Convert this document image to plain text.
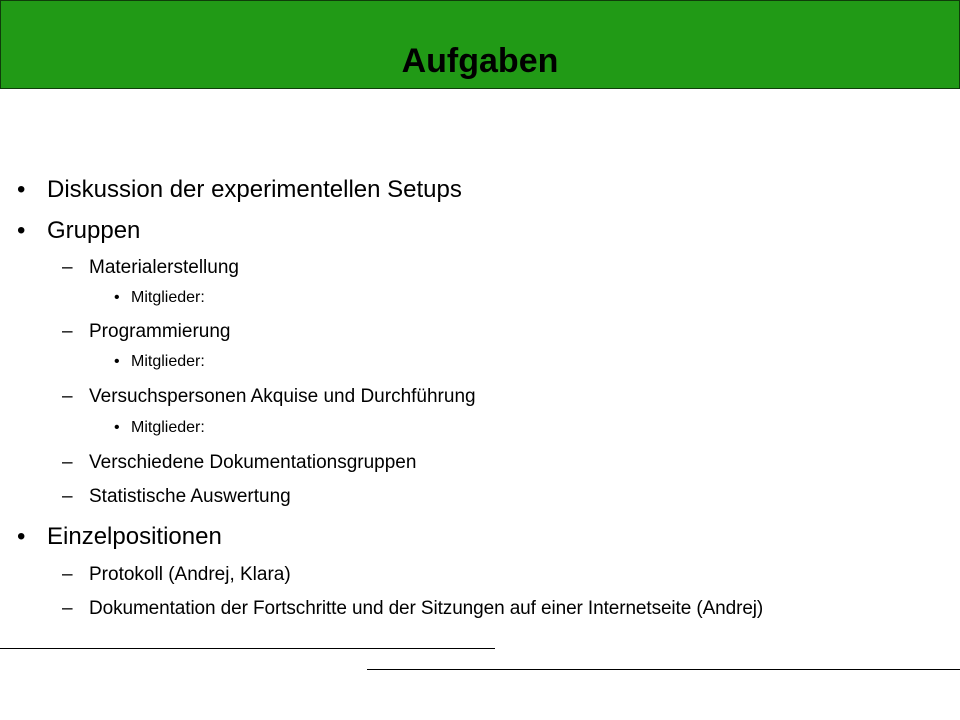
Aufgaben
• Diskussion der experimentellen Setups
• Gruppen
– Materialerstellung
• Mitglieder:
– Programmierung
• Mitglieder:
– Versuchspersonen Akquise und Durchführung
• Mitglieder:
– Verschiedene Dokumentationsgruppen
– Statistische Auswertung
• Einzelpositionen
– Protokoll (Andrej, Klara)
– Dokumentation der Fortschritte und der Sitzungen auf einer Internetseite (Andrej)
